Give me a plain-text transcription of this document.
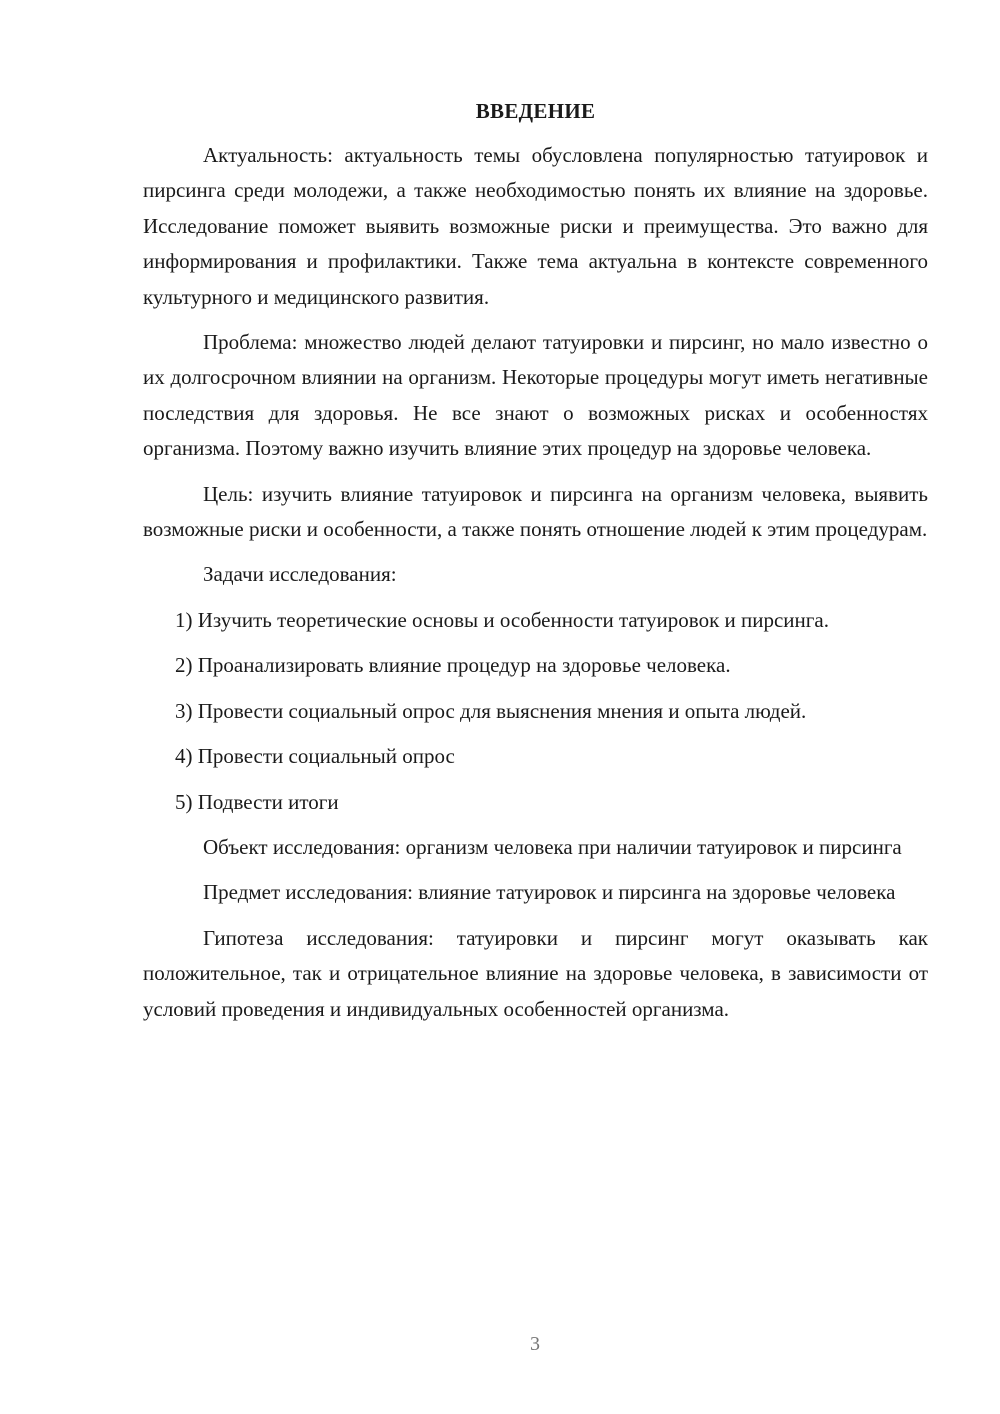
ВВЕДЕНИЕ

Актуальность: актуальность темы обусловлена популярностью татуировок и пирсинга среди молодежи, а также необходимостью понять их влияние на здоровье. Исследование поможет выявить возможные риски и преимущества. Это важно для информирования и профилактики. Также тема актуальна в контексте современного культурного и медицинского развития.

Проблема: множество людей делают татуировки и пирсинг, но мало известно о их долгосрочном влиянии на организм. Некоторые процедуры могут иметь негативные последствия для здоровья. Не все знают о возможных рисках и особенностях организма. Поэтому важно изучить влияние этих процедур на здоровье человека.

Цель: изучить влияние татуировок и пирсинга на организм человека, выявить возможные риски и особенности, а также понять отношение людей к этим процедурам.

Задачи исследования:

1) Изучить теоретические основы и особенности татуировок и пирсинга.

2) Проанализировать влияние процедур на здоровье человека.

3) Провести социальный опрос для выяснения мнения и опыта людей.

4) Провести социальный опрос

5) Подвести итоги

Объект исследования: организм человека при наличии татуировок и пирсинга

Предмет исследования: влияние татуировок и пирсинга на здоровье человека

Гипотеза исследования: татуировки и пирсинг могут оказывать как положительное, так и отрицательное влияние на здоровье человека, в зависимости от условий проведения и индивидуальных особенностей организма.

3
